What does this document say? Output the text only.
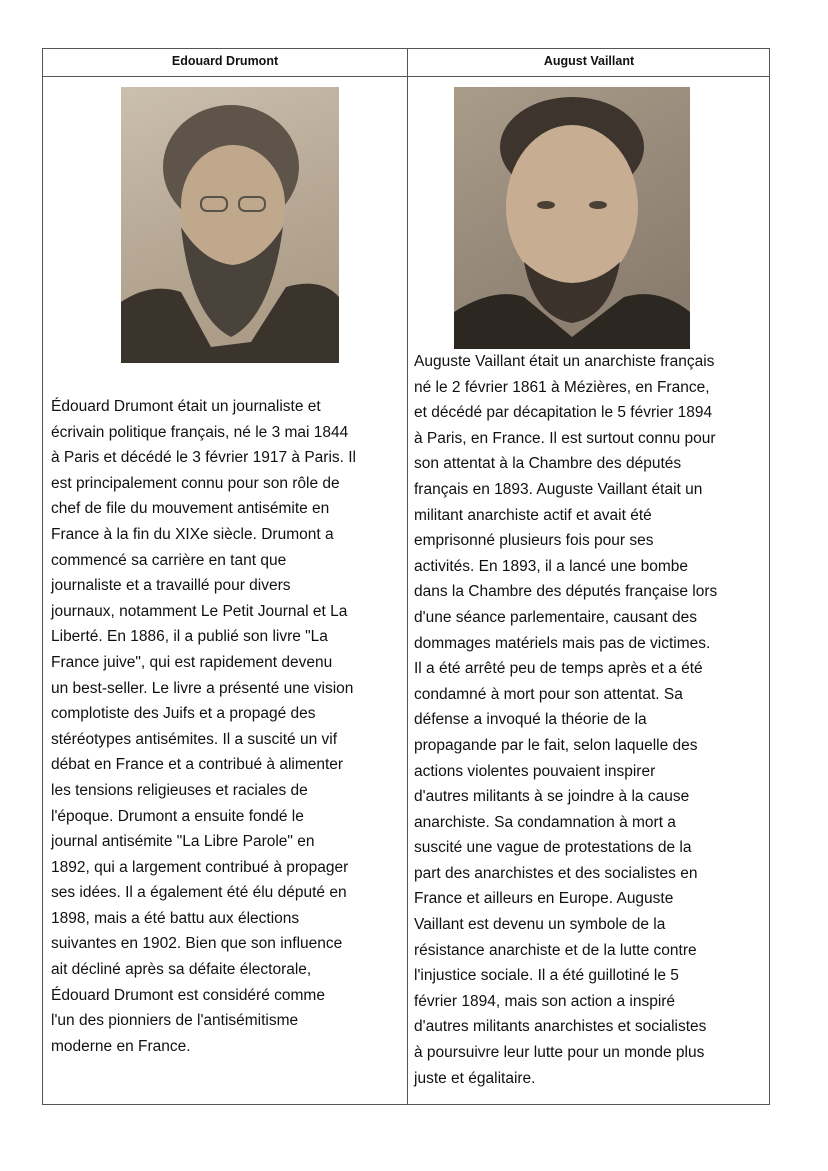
Edouard Drumont
Édouard Drumont était un journaliste et
écrivain politique français, né le 3 mai 1844
à Paris et décédé le 3 février 1917 à Paris. Il
est principalement connu pour son rôle de
chef de file du mouvement antisémite en
France à la fin du XIXe siècle. Drumont a
commencé sa carrière en tant que
journaliste et a travaillé pour divers
journaux, notamment Le Petit Journal et La
Liberté. En 1886, il a publié son livre "La
France juive", qui est rapidement devenu
un best-seller. Le livre a présenté une vision
complotiste des Juifs et a propagé des
stéréotypes antisémites. Il a suscité un vif
débat en France et a contribué à alimenter
les tensions religieuses et raciales de
l'époque. Drumont a ensuite fondé le
journal antisémite "La Libre Parole" en
1892, qui a largement contribué à propager
ses idées. Il a également été élu député en
1898, mais a été battu aux élections
suivantes en 1902. Bien que son influence
ait décliné après sa défaite électorale,
Édouard Drumont est considéré comme
l'un des pionniers de l'antisémitisme
moderne en France.
August Vaillant
Auguste Vaillant était un anarchiste français
né le 2 février 1861 à Mézières, en France,
et décédé par décapitation le 5 février 1894
à Paris, en France. Il est surtout connu pour
son attentat à la Chambre des députés
français en 1893. Auguste Vaillant était un
militant anarchiste actif et avait été
emprisonné plusieurs fois pour ses
activités. En 1893, il a lancé une bombe
dans la Chambre des députés française lors
d'une séance parlementaire, causant des
dommages matériels mais pas de victimes.
Il a été arrêté peu de temps après et a été
condamné à mort pour son attentat. Sa
défense a invoqué la théorie de la
propagande par le fait, selon laquelle des
actions violentes pouvaient inspirer
d'autres militants à se joindre à la cause
anarchiste. Sa condamnation à mort a
suscité une vague de protestations de la
part des anarchistes et des socialistes en
France et ailleurs en Europe. Auguste
Vaillant est devenu un symbole de la
résistance anarchiste et de la lutte contre
l'injustice sociale. Il a été guillotiné le 5
février 1894, mais son action a inspiré
d'autres militants anarchistes et socialistes
à poursuivre leur lutte pour un monde plus
juste et égalitaire.
